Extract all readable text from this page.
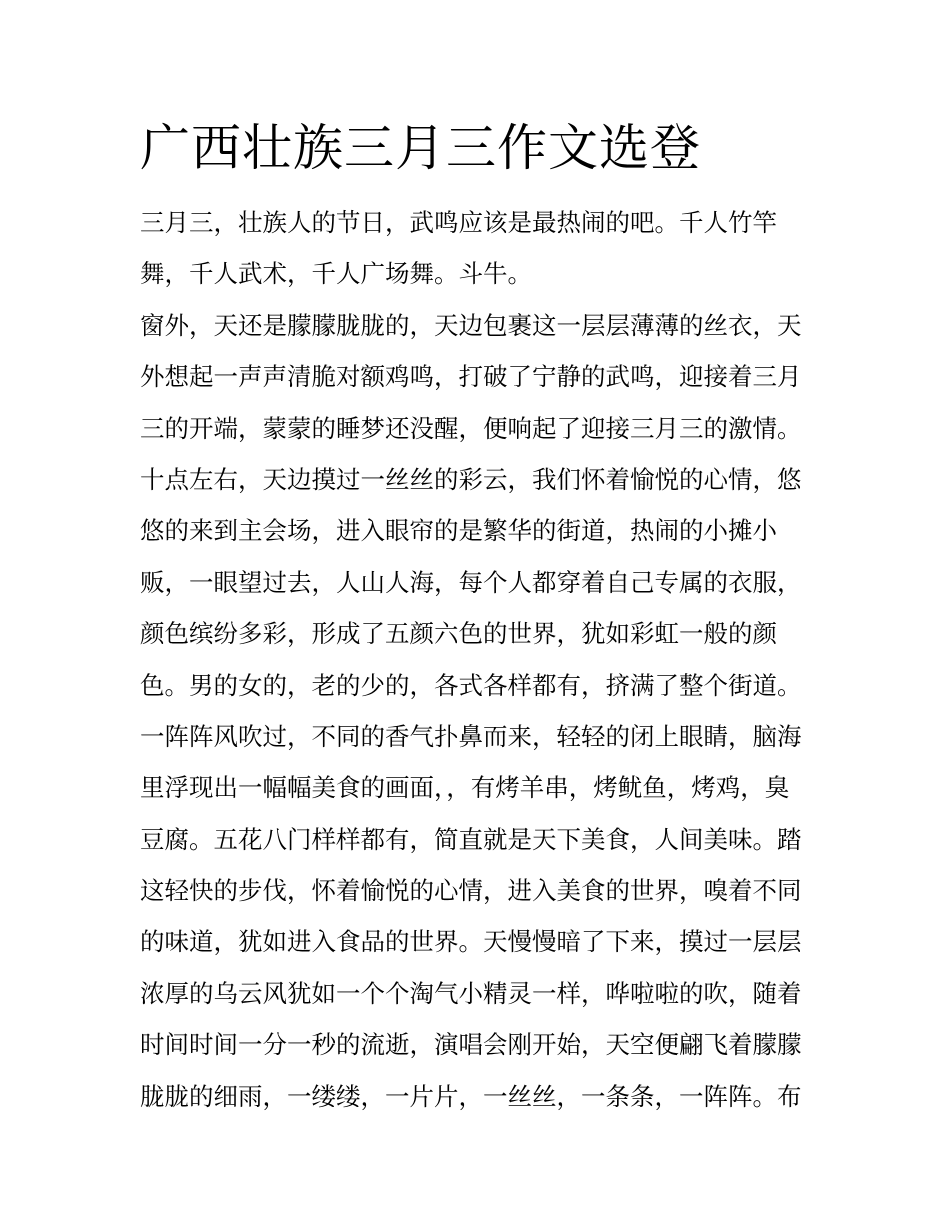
广西壮族三月三作文选登
三月三，壮族人的节日，武鸣应该是最热闹的吧。千人竹竿
舞，千人武术，千人广场舞。斗牛。
窗外，天还是朦朦胧胧的，天边包裹这一层层薄薄的丝衣，天
外想起一声声清脆对额鸡鸣，打破了宁静的武鸣，迎接着三月
三的开端，蒙蒙的睡梦还没醒，便响起了迎接三月三的激情。
十点左右，天边摸过一丝丝的彩云，我们怀着愉悦的心情，悠
悠的来到主会场，进入眼帘的是繁华的街道，热闹的小摊小
贩，一眼望过去，人山人海，每个人都穿着自己专属的衣服，
颜色缤纷多彩，形成了五颜六色的世界，犹如彩虹一般的颜
色。男的女的，老的少的，各式各样都有，挤满了整个街道。
一阵阵风吹过，不同的香气扑鼻而来，轻轻的闭上眼睛，脑海
里浮现出一幅幅美食的画面，，有烤羊串，烤鱿鱼，烤鸡，臭
豆腐。五花八门样样都有，简直就是天下美食，人间美味。踏
这轻快的步伐，怀着愉悦的心情，进入美食的世界，嗅着不同
的味道，犹如进入食品的世界。天慢慢暗了下来，摸过一层层
浓厚的乌云风犹如一个个淘气小精灵一样，哗啦啦的吹，随着
时间时间一分一秒的流逝，演唱会刚开始，天空便翩飞着朦朦
胧胧的细雨，一缕缕，一片片，一丝丝，一条条，一阵阵。布
